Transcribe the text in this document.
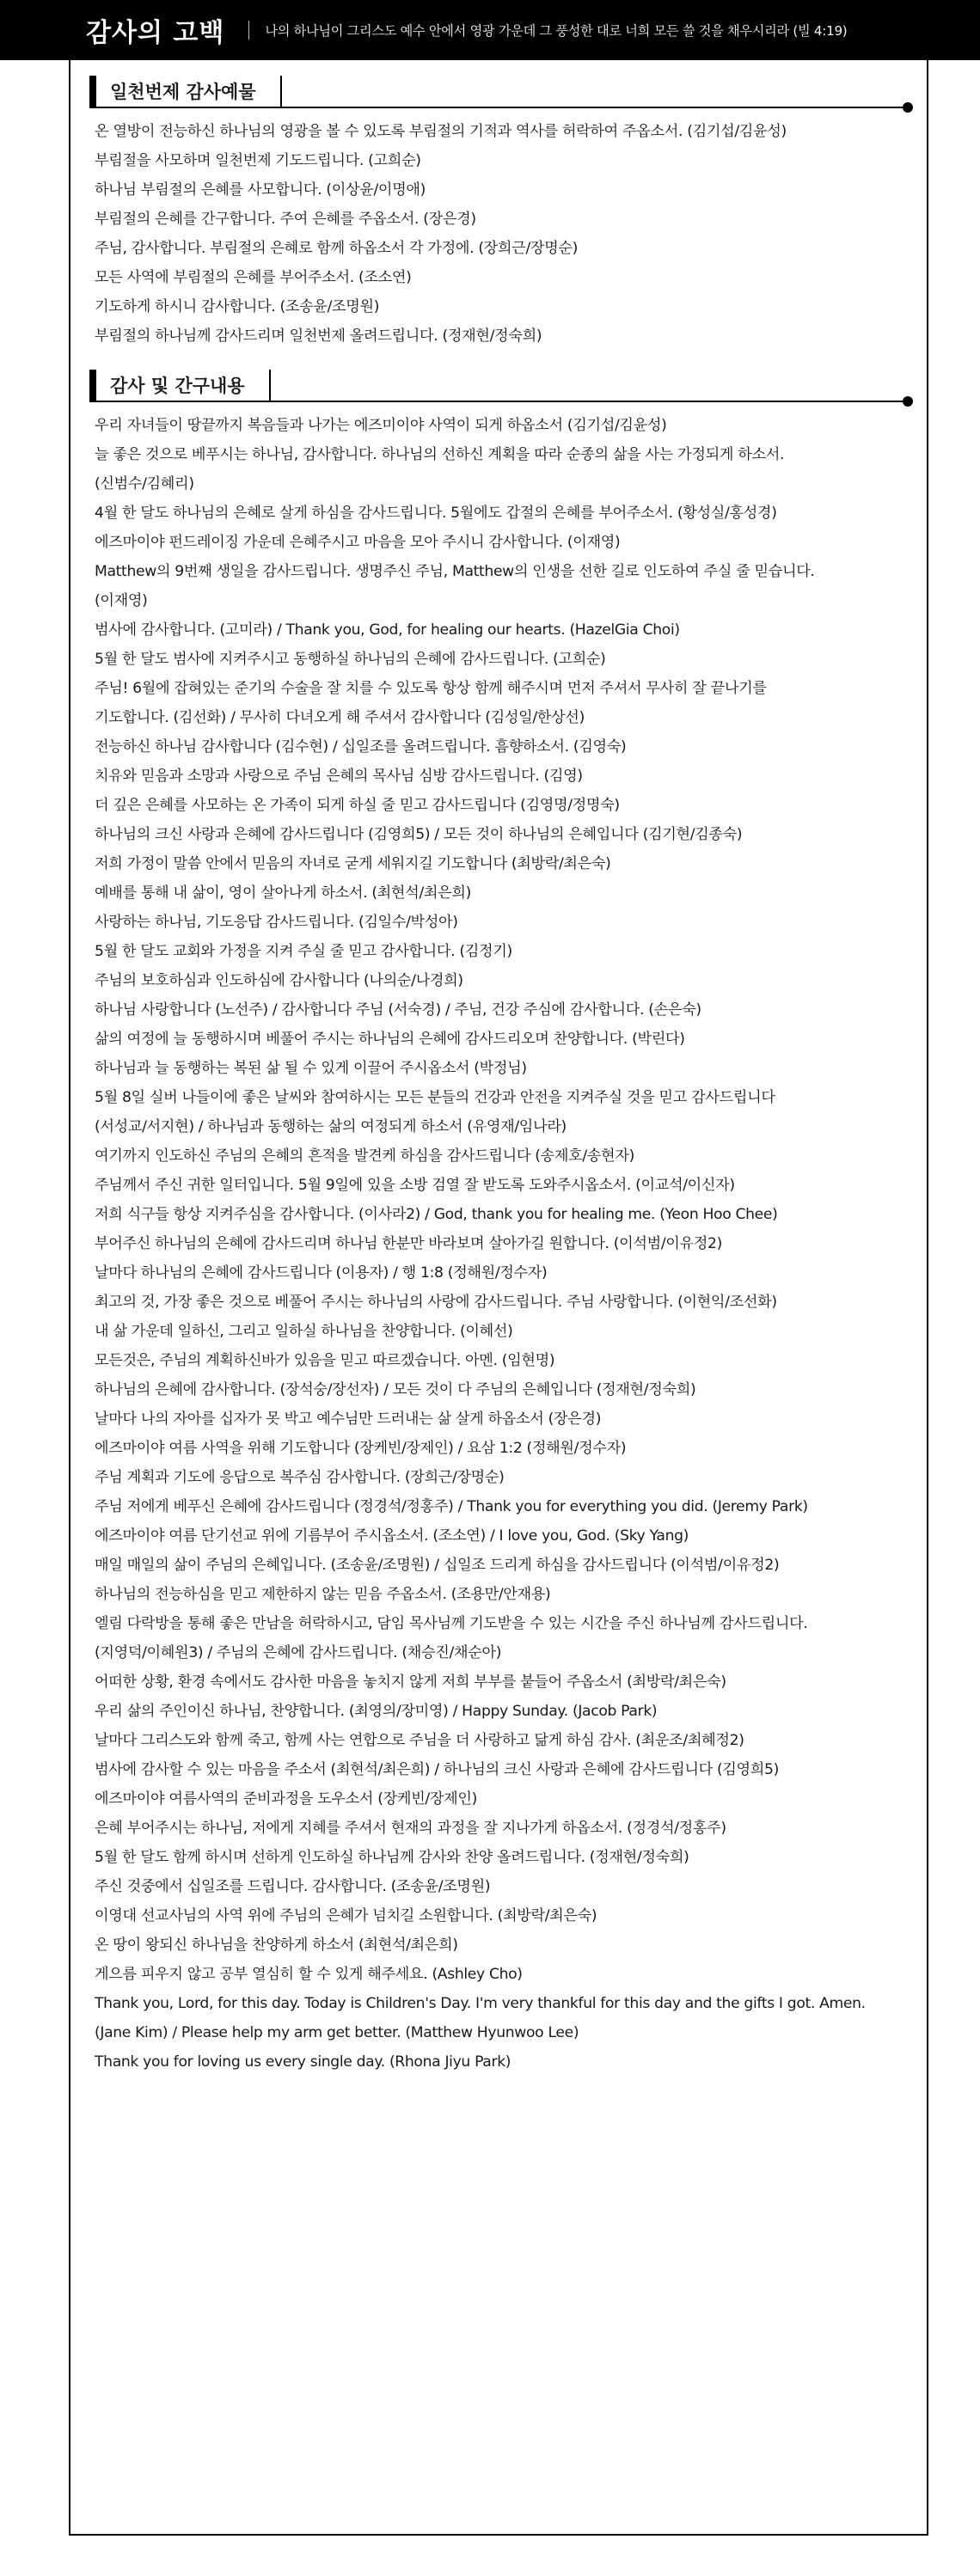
감사의 고백	나의 하나님이 그리스도 예수 안에서 영광 가운데 그 풍성한 대로 너희 모든 쓸 것을 채우시리라 (빌 4:19)
일천번제 감사예물
온 열방이 전능하신 하나님의 영광을 볼 수 있도록 부림절의 기적과 역사를 허락하여 주옵소서. (김기섭/김윤성)
부림절을 사모하며 일천번제 기도드립니다. (고희순)
하나님 부림절의 은혜를 사모합니다. (이상윤/이명애)
부림절의 은혜를 간구합니다. 주여 은혜를 주옵소서. (장은경)
주님, 감사합니다. 부림절의 은혜로 함께 하옵소서 각 가정에. (장희근/장명순)
모든 사역에 부림절의 은혜를 부어주소서. (조소연)
기도하게 하시니 감사합니다. (조송윤/조명원)
부림절의 하나님께 감사드리며 일천번제 올려드립니다. (정재현/정숙희)
감사 및 간구내용
우리 자녀들이 땅끝까지 복음들과 나가는 에즈미이야 사역이 되게 하옵소서 (김기섭/김윤성)
늘 좋은 것으로 베푸시는 하나님, 감사합니다. 하나님의 선하신 계획을 따라 순종의 삶을 사는 가정되게 하소서.
(신범수/김혜리)
4월 한 달도 하나님의 은혜로 살게 하심을 감사드립니다. 5월에도 갑절의 은혜를 부어주소서. (황성실/홍성경)
에즈마이야 펀드레이징 가운데 은혜주시고 마음을 모아 주시니 감사합니다. (이재영)
Matthew의 9번째 생일을 감사드립니다. 생명주신 주님, Matthew의 인생을 선한 길로 인도하여 주실 줄 믿습니다.
(이재영)
범사에 감사합니다. (고미라) / Thank you, God, for healing our hearts. (HazelGia Choi)
5월 한 달도 범사에 지켜주시고 동행하실 하나님의 은혜에 감사드립니다. (고희순)
주님! 6월에 잡혀있는 준기의 수술을 잘 치를 수 있도록 항상 함께 해주시며 먼저 주셔서 무사히 잘 끝나기를
기도합니다. (김선화) / 무사히 다녀오게 해 주셔서 감사합니다 (김성일/한상선)
전능하신 하나님 감사합니다 (김수현) / 십일조를 올려드립니다. 흠향하소서. (김영숙)
치유와 믿음과 소망과 사랑으로 주님 은혜의 목사님 심방 감사드립니다. (김영)
더 깊은 은혜를 사모하는 온 가족이 되게 하실 줄 믿고 감사드립니다 (김영명/정명숙)
하나님의 크신 사랑과 은혜에 감사드립니다 (김영희5) / 모든 것이 하나님의 은혜입니다 (김기현/김종숙)
저희 가정이 말씀 안에서 믿음의 자녀로 굳게 세워지길 기도합니다 (최방락/최은숙)
예배를 통해 내 삶이, 영이 살아나게 하소서. (최현석/최은희)
사랑하는 하나님, 기도응답 감사드립니다. (김일수/박성아)
5월 한 달도 교회와 가정을 지켜 주실 줄 믿고 감사합니다. (김정기)
주님의 보호하심과 인도하심에 감사합니다 (나의순/나경희)
하나님 사랑합니다 (노선주) / 감사합니다 주님 (서숙경) / 주님, 건강 주심에 감사합니다. (손은숙)
삶의 여정에 늘 동행하시며 베풀어 주시는 하나님의 은혜에 감사드리오며 찬양합니다. (박린다)
하나님과 늘 동행하는 복된 삶 될 수 있게 이끌어 주시옵소서 (박정님)
5월 8일 실버 나들이에 좋은 날씨와 참여하시는 모든 분들의 건강과 안전을 지켜주실 것을 믿고 감사드립니다
(서성교/서지현) / 하나님과 동행하는 삶의 여정되게 하소서 (유영재/임나라)
여기까지 인도하신 주님의 은혜의 흔적을 발견케 하심을 감사드립니다 (송제호/송현자)
주님께서 주신 귀한 일터입니다. 5월 9일에 있을 소방 검열 잘 받도록 도와주시옵소서. (이교석/이신자)
저희 식구들 항상 지켜주심을 감사합니다. (이사라2) / God, thank you for healing me. (Yeon Hoo Chee)
부어주신 하나님의 은혜에 감사드리며 하나님 한분만 바라보며 살아가길 원합니다. (이석범/이유정2)
날마다 하나님의 은혜에 감사드립니다 (이용자) / 행 1:8 (정해원/정수자)
최고의 것, 가장 좋은 것으로 베풀어 주시는 하나님의 사랑에 감사드립니다. 주님 사랑합니다. (이현익/조선화)
내 삶 가운데 일하신, 그리고 일하실 하나님을 찬양합니다. (이혜선)
모든것은, 주님의 계획하신바가 있음을 믿고 따르겠습니다. 아멘. (임현명)
하나님의 은혜에 감사합니다. (장석숭/장선자) / 모든 것이 다 주님의 은혜입니다 (정재현/정숙희)
날마다 나의 자아를 십자가 못 박고 예수님만 드러내는 삶 살게 하옵소서 (장은경)
에즈마이야 여름 사역을 위해 기도합니다 (장케빈/장제인) / 요삼 1:2 (정해원/정수자)
주님 계획과 기도에 응답으로 복주심 감사합니다. (장희근/장명순)
주님 저에게 베푸신 은혜에 감사드립니다 (정경석/정홍주) / Thank you for everything you did. (Jeremy Park)
에즈마이야 여름 단기선교 위에 기름부어 주시옵소서. (조소연) / I love you, God. (Sky Yang)
매일 매일의 삶이 주님의 은혜입니다. (조송윤/조명원) / 십일조 드리게 하심을 감사드립니다 (이석범/이유정2)
하나님의 전능하심을 믿고 제한하지 않는 믿음 주옵소서. (조용만/안재용)
엘림 다락방을 통해 좋은 만남을 허락하시고, 담임 목사님께 기도받을 수 있는 시간을 주신 하나님께 감사드립니다.
(지영덕/이혜원3) / 주님의 은혜에 감사드립니다. (채승진/채순아)
어떠한 상황, 환경 속에서도 감사한 마음을 놓치지 않게 저희 부부를 붙들어 주옵소서 (최방락/최은숙)
우리 삶의 주인이신 하나님, 찬양합니다. (최영의/장미영) / Happy Sunday. (Jacob Park)
날마다 그리스도와 함께 죽고, 함께 사는 연합으로 주님을 더 사랑하고 닮게 하심 감사. (최운조/최혜정2)
범사에 감사할 수 있는 마음을 주소서 (최현석/최은희) / 하나님의 크신 사랑과 은혜에 감사드립니다 (김영희5)
에즈마이야 여름사역의 준비과정을 도우소서 (장케빈/장제인)
은혜 부어주시는 하나님, 저에게 지혜를 주셔서 현재의 과정을 잘 지나가게 하옵소서. (정경석/정홍주)
5월 한 달도 함께 하시며 선하게 인도하실 하나님께 감사와 찬양 올려드립니다. (정재현/정숙희)
주신 것중에서 십일조를 드립니다. 감사합니다. (조송윤/조명원)
이영대 선교사님의 사역 위에 주님의 은혜가 넘치길 소원합니다. (최방락/최은숙)
온 땅이 왕되신 하나님을 찬양하게 하소서 (최현석/최은희)
게으름 피우지 않고 공부 열심히 할 수 있게 해주세요. (Ashley Cho)
Thank you, Lord, for this day. Today is Children's Day. I'm very thankful for this day and the gifts I got. Amen.
(Jane Kim) / Please help my arm get better. (Matthew Hyunwoo Lee)
Thank you for loving us every single day. (Rhona Jiyu Park)
